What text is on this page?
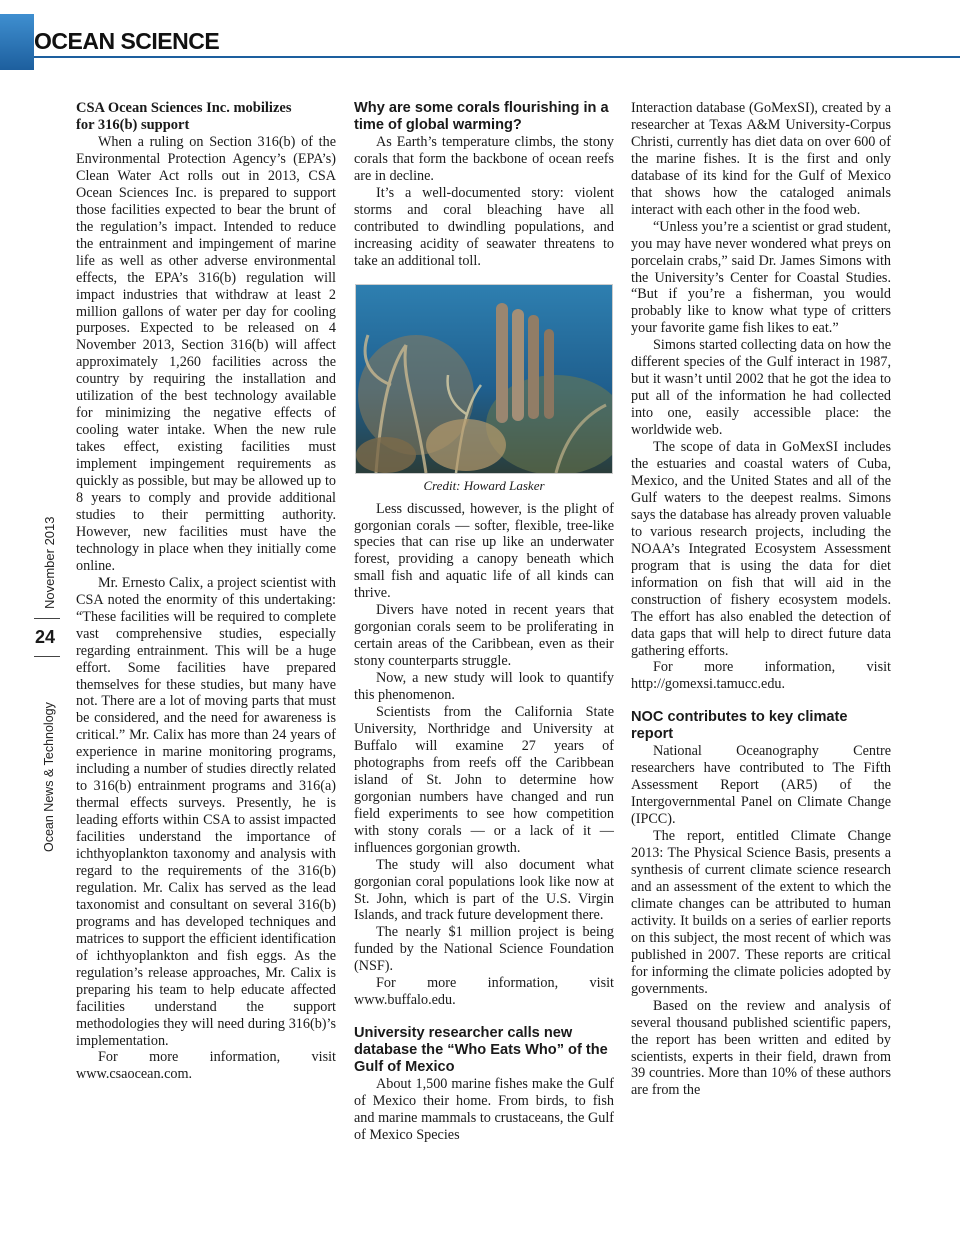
OCEAN SCIENCE
November 2013
24
Ocean News & Technology
CSA Ocean Sciences Inc. mobilizes
for 316(b) support

When a ruling on Section 316(b) of the Environmental Protection Agency’s (EPA’s) Clean Water Act rolls out in 2013, CSA Ocean Sciences Inc. is prepared to support those facilities expected to bear the brunt of the regulation’s impact. Intended to reduce the entrainment and impingement of marine life as well as other adverse environmental effects, the EPA’s 316(b) regulation will impact industries that withdraw at least 2 million gallons of water per day for cooling purposes. Expected to be released on 4 November 2013, Section 316(b) will affect approximately 1,260 facilities across the country by requiring the installation and utilization of the best technology available for minimizing the negative effects of cooling water intake. When the new rule takes effect, existing facilities must implement impingement requirements as quickly as possible, but may be allowed up to 8 years to comply and provide additional studies to their permitting authority. However, new facilities must have the technology in place when they initially come online.

Mr. Ernesto Calix, a project scientist with CSA noted the enormity of this undertaking: “These facilities will be required to complete vast comprehensive studies, especially regarding entrainment. This will be a huge effort. Some facilities have prepared themselves for these studies, but many have not. There are a lot of moving parts that must be considered, and the need for awareness is critical.” Mr. Calix has more than 24 years of experience in marine monitoring programs, including a number of studies directly related to 316(b) entrainment programs and 316(a) thermal effects surveys. Presently, he is leading efforts within CSA to assist impacted facilities understand the importance of ichthyoplankton taxonomy and analysis with regard to the requirements of the 316(b) regulation. Mr. Calix has served as the lead taxonomist and consultant on several 316(b) programs and has developed techniques and matrices to support the efficient identification of ichthyoplankton and fish eggs. As the regulation’s release approaches, Mr. Calix is preparing his team to help educate affected facilities understand the support methodologies they will need during 316(b)’s implementation.

For more information, visit www.csaocean.com.

Why are some corals flourishing in a time of global warming?

As Earth’s temperature climbs, the stony corals that form the backbone of ocean reefs are in decline.

It’s a well-documented story: violent storms and coral bleaching have all contributed to dwindling populations, and increasing acidity of seawater threatens to take an additional toll.

Credit: Howard Lasker

Less discussed, however, is the plight of gorgonian corals — softer, flexible, tree-like species that can rise up like an underwater forest, providing a canopy beneath which small fish and aquatic life of all kinds can thrive.

Divers have noted in recent years that gorgonian corals seem to be proliferating in certain areas of the Caribbean, even as their stony counterparts struggle.

Now, a new study will look to quantify this phenomenon.

Scientists from the California State University, Northridge and University at Buffalo will examine 27 years of photographs from reefs off the Caribbean island of St. John to determine how gorgonian numbers have changed and run field experiments to see how competition with stony corals — or a lack of it — influences gorgonian growth.

The study will also document what gorgonian coral populations look like now at St. John, which is part of the U.S. Virgin Islands, and track future development there.

The nearly $1 million project is being funded by the National Science Foundation (NSF).

For more information, visit www.buffalo.edu.

University researcher calls new database the “Who Eats Who” of the Gulf of Mexico

About 1,500 marine fishes make the Gulf of Mexico their home. From birds, to fish and marine mammals to crustaceans, the Gulf of Mexico Species

Interaction database (GoMexSI), created by a researcher at Texas A&M University-Corpus Christi, currently has diet data on over 600 of the marine fishes. It is the first and only database of its kind for the Gulf of Mexico that shows how the cataloged animals interact with each other in the food web.

“Unless you’re a scientist or grad student, you may have never wondered what preys on porcelain crabs,” said Dr. James Simons with the University’s Center for Coastal Studies. “But if you’re a fisherman, you would probably like to know what type of critters your favorite game fish likes to eat.”

Simons started collecting data on how the different species of the Gulf interact in 1987, but it wasn’t until 2002 that he got the idea to put all of the information he had collected into one, easily accessible place: the worldwide web.

The scope of data in GoMexSI includes the estuaries and coastal waters of Cuba, Mexico, and the United States and all of the Gulf waters to the deepest realms. Simons says the database has already proven valuable to various research projects, including the NOAA’s Integrated Ecosystem Assessment program that is using the data for diet information on fish that will aid in the construction of fishery ecosystem models. The effort has also enabled the detection of data gaps that will help to direct future data gathering efforts.

For more information, visit http://gomexsi.tamucc.edu.

NOC contributes to key climate report

National Oceanography Centre researchers have contributed to The Fifth Assessment Report (AR5) of the Intergovernmental Panel on Climate Change (IPCC).

The report, entitled Climate Change 2013: The Physical Science Basis, presents a synthesis of current climate science research and an assessment of the extent to which the climate changes can be attributed to human activity. It builds on a series of earlier reports on this subject, the most recent of which was published in 2007. These reports are critical for informing the climate policies adopted by governments.

Based on the review and analysis of several thousand published scientific papers, the report has been written and edited by scientists, experts in their field, drawn from 39 countries. More than 10% of these authors are from the
